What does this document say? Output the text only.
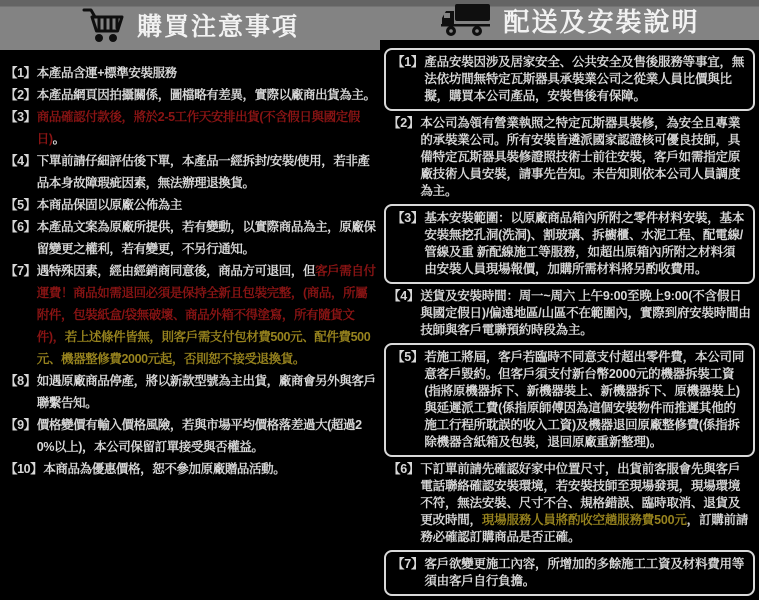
購買注意事項
【1】 本產品含運+標準安裝服務
【2】 本產品網頁因拍攝關係，圖檔略有差異，實際以廠商出貨為主。
【3】 商品確認付款後，將於2-5工作天安排出貨(不含假日與國定假日)。
【4】 下單前請仔細評估後下單，本產品一經拆封/安裝/使用，若非產品本身故障瑕疵因素，無法辦理退換貨。
【5】 本商品保固以原廠公佈為主
【6】 本產品文案為原廠所提供，若有變動，以實際商品為主，原廠保留變更之權利，若有變更，不另行通知。
【7】 遇特殊因素，經由經銷商同意後，商品方可退回，但客戶需自付運費！商品如需退回必須是保持全新且包裝完整，(商品，所屬附件，包裝紙盒/袋無破壞、商品外箱不得塗寫，所有隨貨文件)，若上述條件皆無，則客戶需支付包材費500元、配件費500元、機器整修費2000元起，否則恕不接受退換貨。
【8】 如遇原廠商品停產，將以新款型號為主出貨，廠商會另外與客戶聯繫告知。
【9】 價格變價有輸入價格風險，若與市場平均價格落差過大(超過20%以上)，本公司保留訂單接受與否權益。
【10】 本商品為優惠價格，恕不參加原廠贈品活動。
配送及安裝說明
【1】 產品安裝因涉及居家安全、公共安全及售後服務等事宜，無法依坊間無特定瓦斯器具承裝業公司之從業人員比價與比擬，購買本公司產品，安裝售後有保障。
【2】 本公司為領有營業執照之特定瓦斯器具裝修，為安全且專業的承裝業公司。所有安裝皆遴派國家認證核可優良技師，具備特定瓦斯器具裝修證照技術士前往安裝，客戶如需指定原廠技術人員安裝，請事先告知。未告知則依本公司人員調度為主。
【3】 基本安裝範圍：以原廠商品箱內所附之零件材料安裝，基本安裝無挖孔洞(洗洞)、割玻璃、拆櫥櫃、水泥工程、配電線/管線及重 新配線施工等服務，如超出原箱內所附之材料須由安裝人員現場報價，加購所需材料將另酌收費用。
【4】 送貨及安裝時間：周一~周六 上午9:00至晚上9:00(不含假日與國定假日)/偏遠地區/山區不在範圍內，實際到府安裝時間由技師與客戶電聯預約時段為主。
【5】 若施工將屆，客戶若臨時不同意支付超出零件費，本公司同意客戶毀約。但客戶須支付新台幣2000元的機器拆裝工資(指將原機器拆下、新機器裝上、新機器拆下、原機器裝上)與延遲派工費(係指原師傅因為這個安裝物件而推遲其他的施工行程所耽誤的收入工資)及機器退回原廠整修費(係指拆除機器含紙箱及包裝，退回原廠重新整理)。
【6】 下訂單前請先確認好家中位置尺寸，出貨前客服會先與客戶電話聯絡確認安裝環境，若安裝技師至現場發現，現場環境不符，無法安裝、尺寸不合、規格錯誤、臨時取消、退貨及更改時間，現場服務人員將酌收空趟服務費500元，訂購前請務必確認訂購商品是否正確。
【7】 客戶欲變更施工內容，所增加的多餘施工工資及材料費用等須由客戶自行負擔。
